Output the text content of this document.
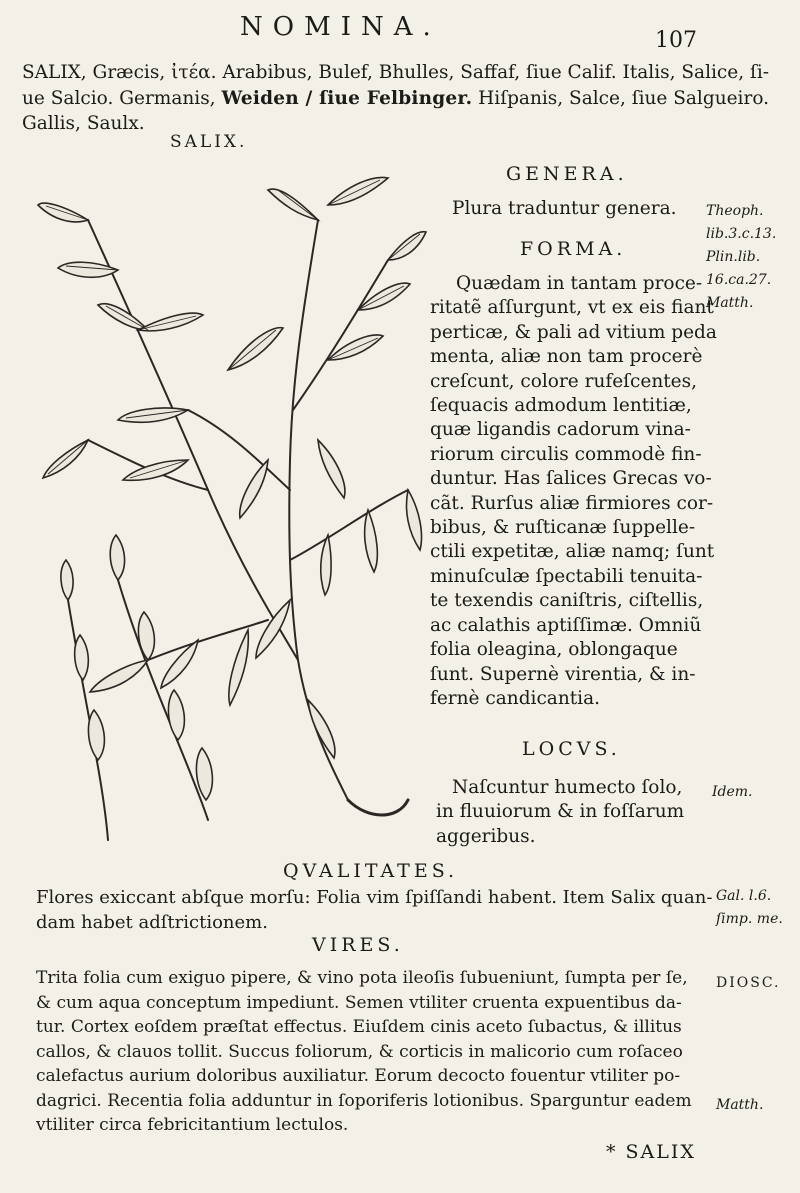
NOMINA.	107
SALIX, Græcis, ἰτέα. Arabibus, Bulef, Bhulles, Saffaf, ſiue Calif. Italis, Salice, ſi-
ue Salcio. Germanis, Weiden / ſiue Felbinger. Hiſpanis, Salce, ſiue Salgueiro.
Gallis, Saulx.
SALIX.
GENERA.
Plura traduntur genera.
FORMA.
Quædam in tantam proce-
ritatẽ aſſurgunt, vt ex eis fiant
perticæ, & pali ad vitium peda
menta, aliæ non tam procerè
creſcunt, colore rufeſcentes,
ſequacis admodum lentitiæ,
quæ ligandis cadorum vina-
riorum circulis commodè fin-
duntur. Has ſalices Grecas vo-
cãt. Rurſus aliæ firmiores cor-
bibus, & ruſticanæ ſuppelle-
ctili expetitæ, aliæ namq; ſunt
minuſculæ ſpectabili tenuita-
te texendis caniſtris, ciſtellis,
ac calathis aptiſſimæ. Omniũ
folia oleagina, oblongaque
ſunt. Supernè virentia, & in-
fernè candicantia.
LOCVS.
Naſcuntur humecto ſolo,
in fluuiorum & in foſſarum
aggeribus.
Theoph.
lib.3.c.13.
Plin.lib.
16.ca.27.
Matth.
Idem.
Gal. l.6.
ſimp. me.
DIOSC.
Matth.
QVALITATES.
Flores exiccant abſque morſu: Folia vim ſpiſſandi habent. Item Salix quan-
dam habet adſtrictionem.
VIRES.
Trita folia cum exiguo pipere, & vino pota ileoſis ſubueniunt, ſumpta per ſe,
& cum aqua conceptum impediunt. Semen vtiliter cruenta expuentibus da-
tur. Cortex eoſdem præſtat effectus. Eiuſdem cinis aceto ſubactus, & illitus
callos, & clauos tollit. Succus foliorum, & corticis in malicorio cum roſaceo
calefactus aurium doloribus auxiliatur. Eorum decocto fouentur vtiliter po-
dagrici. Recentia folia adduntur in ſoporiferis lotionibus. Sparguntur eadem
vtiliter circa febricitantium lectulos.
* SALIX
